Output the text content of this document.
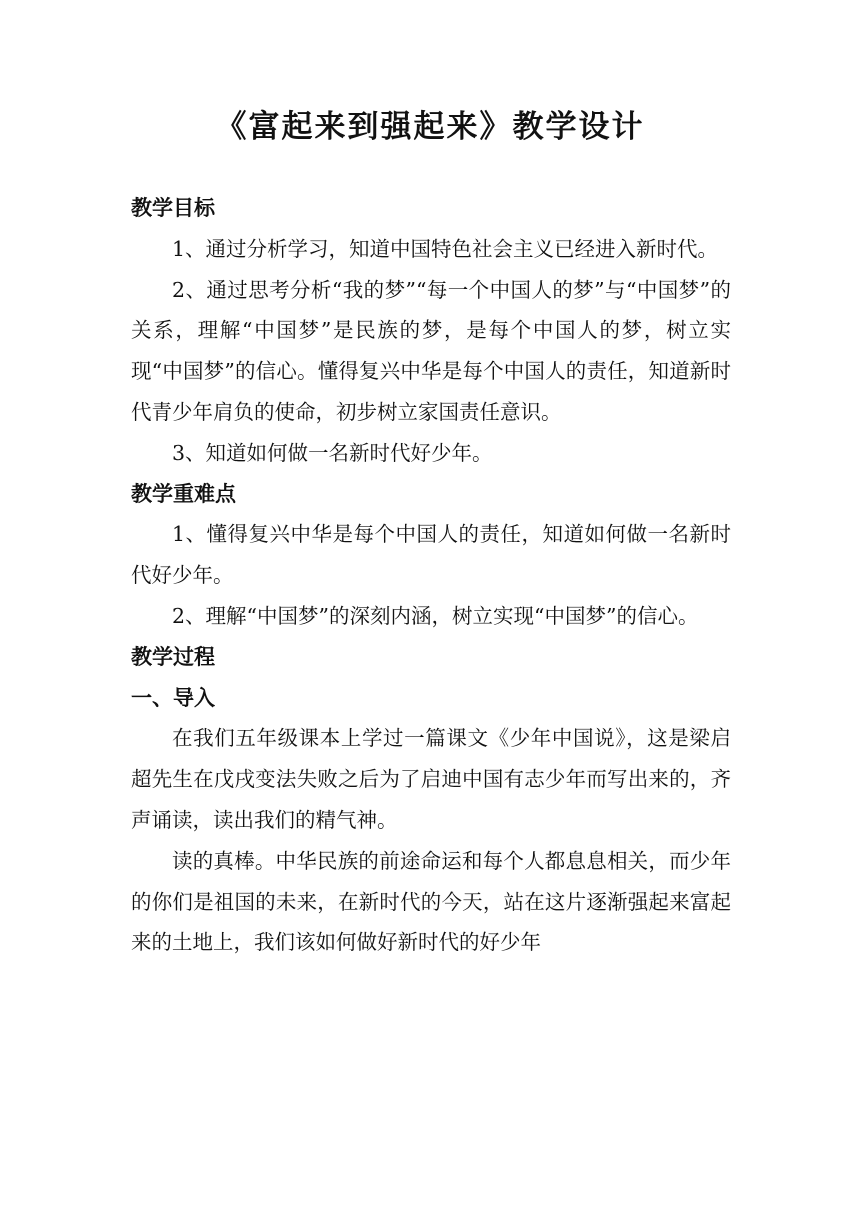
《富起来到强起来》教学设计

教学目标

1、通过分析学习，知道中国特色社会主义已经进入新时代。

2、通过思考分析“我的梦”“每一个中国人的梦”与“中国梦”的关系，理解“中国梦”是民族的梦，是每个中国人的梦，树立实现“中国梦”的信心。懂得复兴中华是每个中国人的责任，知道新时代青少年肩负的使命，初步树立家国责任意识。

3、知道如何做一名新时代好少年。

教学重难点

1、懂得复兴中华是每个中国人的责任，知道如何做一名新时代好少年。

2、理解“中国梦”的深刻内涵，树立实现“中国梦”的信心。

教学过程

一、导入

在我们五年级课本上学过一篇课文《少年中国说》，这是梁启超先生在戊戌变法失败之后为了启迪中国有志少年而写出来的，齐声诵读，读出我们的精气神。

读的真棒。中华民族的前途命运和每个人都息息相关，而少年的你们是祖国的未来，在新时代的今天，站在这片逐渐强起来富起来的土地上，我们该如何做好新时代的好少年
